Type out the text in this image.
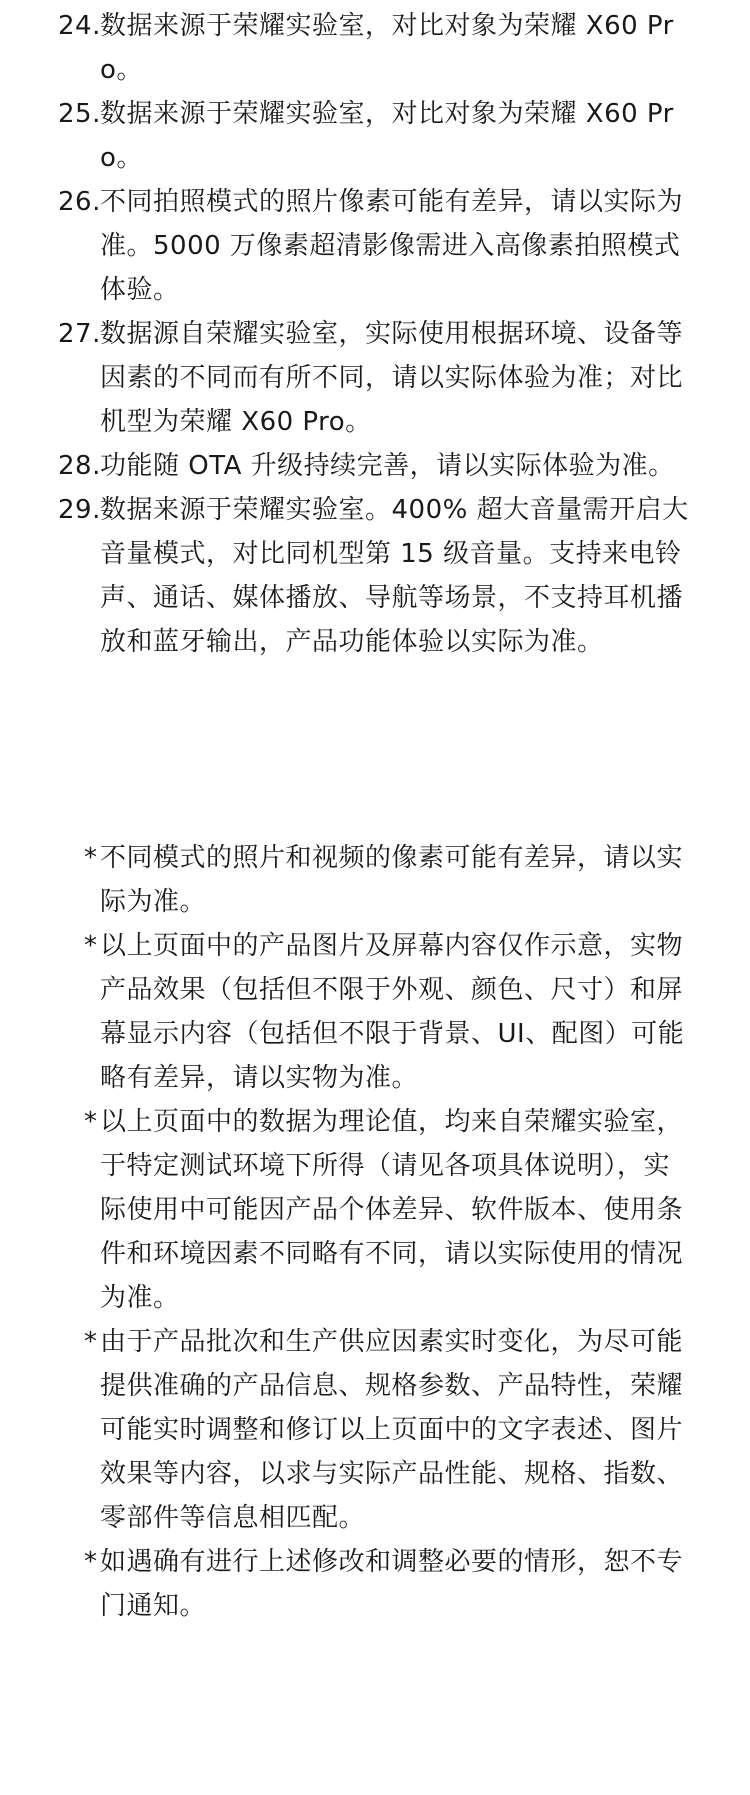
24. 数据来源于荣耀实验室，对比对象为荣耀 X60 Pro。
25. 数据来源于荣耀实验室，对比对象为荣耀 X60 Pro。
26. 不同拍照模式的照片像素可能有差异，请以实际为准。5000 万像素超清影像需进入高像素拍照模式体验。
27. 数据源自荣耀实验室，实际使用根据环境、设备等因素的不同而有所不同，请以实际体验为准；对比机型为荣耀 X60 Pro。
28. 功能随 OTA 升级持续完善，请以实际体验为准。
29. 数据来源于荣耀实验室。400% 超大音量需开启大音量模式，对比同机型第 15 级音量。支持来电铃声、通话、媒体播放、导航等场景，不支持耳机播放和蓝牙输出，产品功能体验以实际为准。
* 不同模式的照片和视频的像素可能有差异，请以实际为准。
* 以上页面中的产品图片及屏幕内容仅作示意，实物产品效果（包括但不限于外观、颜色、尺寸）和屏幕显示内容（包括但不限于背景、UI、配图）可能略有差异，请以实物为准。
* 以上页面中的数据为理论值，均来自荣耀实验室，于特定测试环境下所得（请见各项具体说明），实际使用中可能因产品个体差异、软件版本、使用条件和环境因素不同略有不同，请以实际使用的情况为准。
* 由于产品批次和生产供应因素实时变化，为尽可能提供准确的产品信息、规格参数、产品特性，荣耀可能实时调整和修订以上页面中的文字表述、图片效果等内容，以求与实际产品性能、规格、指数、零部件等信息相匹配。
* 如遇确有进行上述修改和调整必要的情形，恕不专门通知。
